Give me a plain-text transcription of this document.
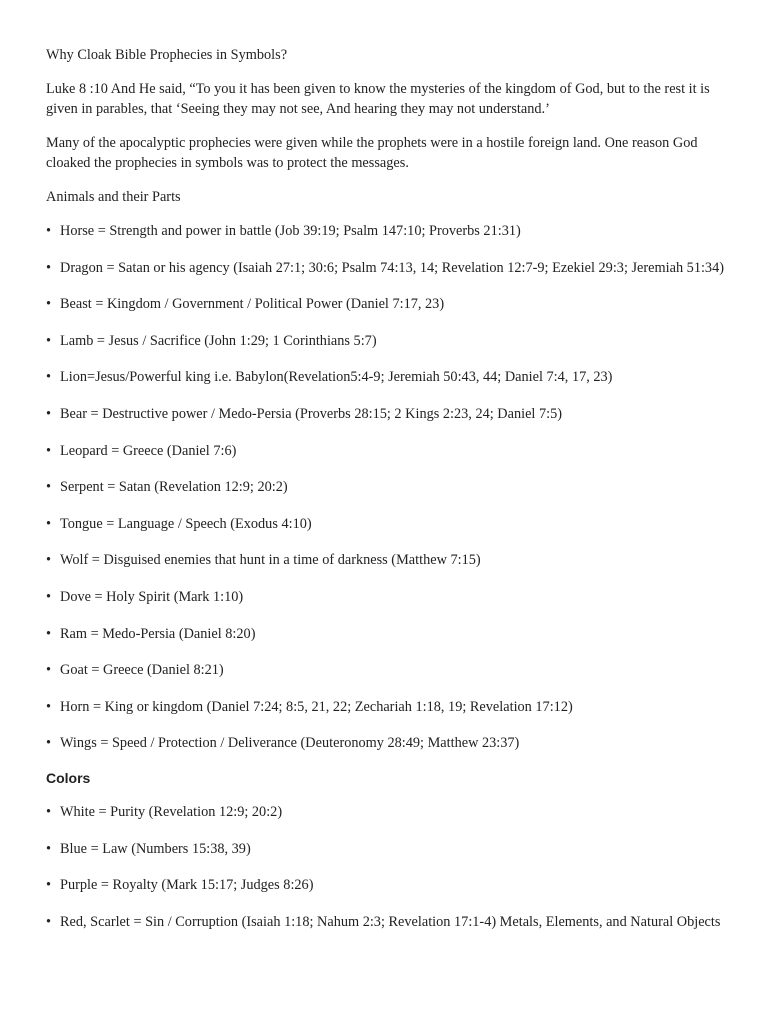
Why Cloak Bible Prophecies in Symbols?
Luke 8 :10 And He said, “To you it has been given to know the mysteries of the kingdom of God, but to the rest it is given in parables, that ‘Seeing they may not see, And hearing they may not understand.’
Many of the apocalyptic prophecies were given while the prophets were in a hostile foreign land. One reason God cloaked the prophecies in symbols was to protect the messages.
Animals and their Parts
• Horse = Strength and power in battle (Job 39:19; Psalm 147:10; Proverbs 21:31)
• Dragon = Satan or his agency (Isaiah 27:1; 30:6; Psalm 74:13, 14; Revelation 12:7-9; Ezekiel 29:3; Jeremiah 51:34)
• Beast = Kingdom / Government / Political Power (Daniel 7:17, 23)
• Lamb = Jesus / Sacrifice (John 1:29; 1 Corinthians 5:7)
• Lion=Jesus/Powerful king i.e. Babylon(Revelation5:4-9; Jeremiah 50:43, 44; Daniel 7:4, 17, 23)
• Bear = Destructive power / Medo-Persia (Proverbs 28:15; 2 Kings 2:23, 24; Daniel 7:5)
• Leopard = Greece (Daniel 7:6)
• Serpent = Satan (Revelation 12:9; 20:2)
• Tongue = Language / Speech (Exodus 4:10)
• Wolf = Disguised enemies that hunt in a time of darkness (Matthew 7:15)
• Dove = Holy Spirit (Mark 1:10)
• Ram = Medo-Persia (Daniel 8:20)
• Goat = Greece (Daniel 8:21)
• Horn = King or kingdom (Daniel 7:24; 8:5, 21, 22; Zechariah 1:18, 19; Revelation 17:12)
• Wings = Speed / Protection / Deliverance (Deuteronomy 28:49; Matthew 23:37)
Colors
• White = Purity (Revelation 12:9; 20:2)
• Blue = Law (Numbers 15:38, 39)
• Purple = Royalty (Mark 15:17; Judges 8:26)
• Red, Scarlet = Sin / Corruption (Isaiah 1:18; Nahum 2:3; Revelation 17:1-4) Metals, Elements, and Natural Objects
